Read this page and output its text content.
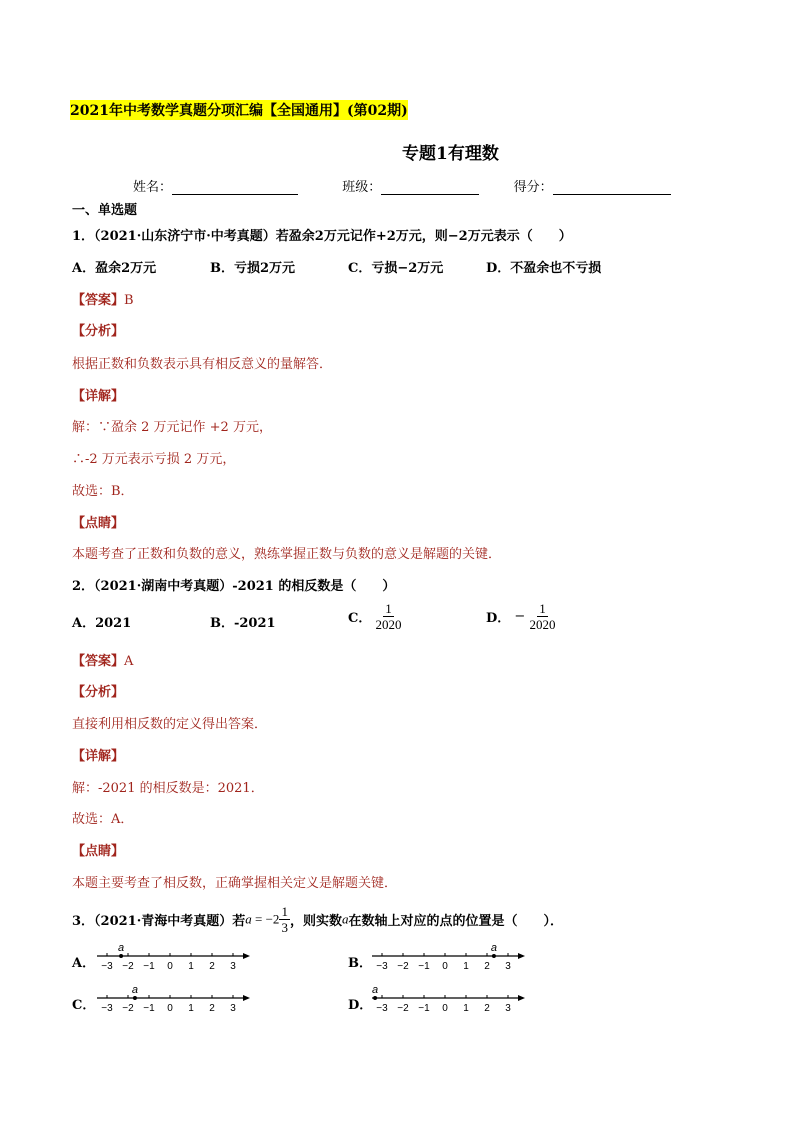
2021年中考数学真题分项汇编【全国通用】(第02期)
专题1有理数
姓名：	班级：	得分：
一、单选题
1．（2021·山东济宁市·中考真题）若盈余2万元记作+2万元，则−2万元表示（　　）
A．盈余2万元	B．亏损2万元	C．亏损−2万元	D．不盈余也不亏损
【答案】B
【分析】
根据正数和负数表示具有相反意义的量解答．
【详解】
解：∵盈余 2 万元记作 +2 万元，
∴-2 万元表示亏损 2 万元，
故选：B．
【点睛】
本题考查了正数和负数的意义，熟练掌握正数与负数的意义是解题的关键．
2．（2021·湖南中考真题）-2021 的相反数是（　　）
A．2021	B．-2021	C． $\frac{1}{2020}$	D． − $\frac{1}{2020}$
【答案】A
【分析】
直接利用相反数的定义得出答案．
【详解】
解：-2021 的相反数是：2021．
故选：A．
【点睛】
本题主要考查了相反数，正确掌握相关定义是解题关键．
3．（2021·青海中考真题）若$a = -2 \frac{1}{3}$ ，则实数a在数轴上对应的点的位置是（　　）．
A．	B．
C．	D．
−3 −2 −1 0 1 2 3
a
−3 −2 −1 0 1 2 3
a
−3 −2 −1 0 1 2 3
a
−3 −2 −1 0 1 2 3
a
